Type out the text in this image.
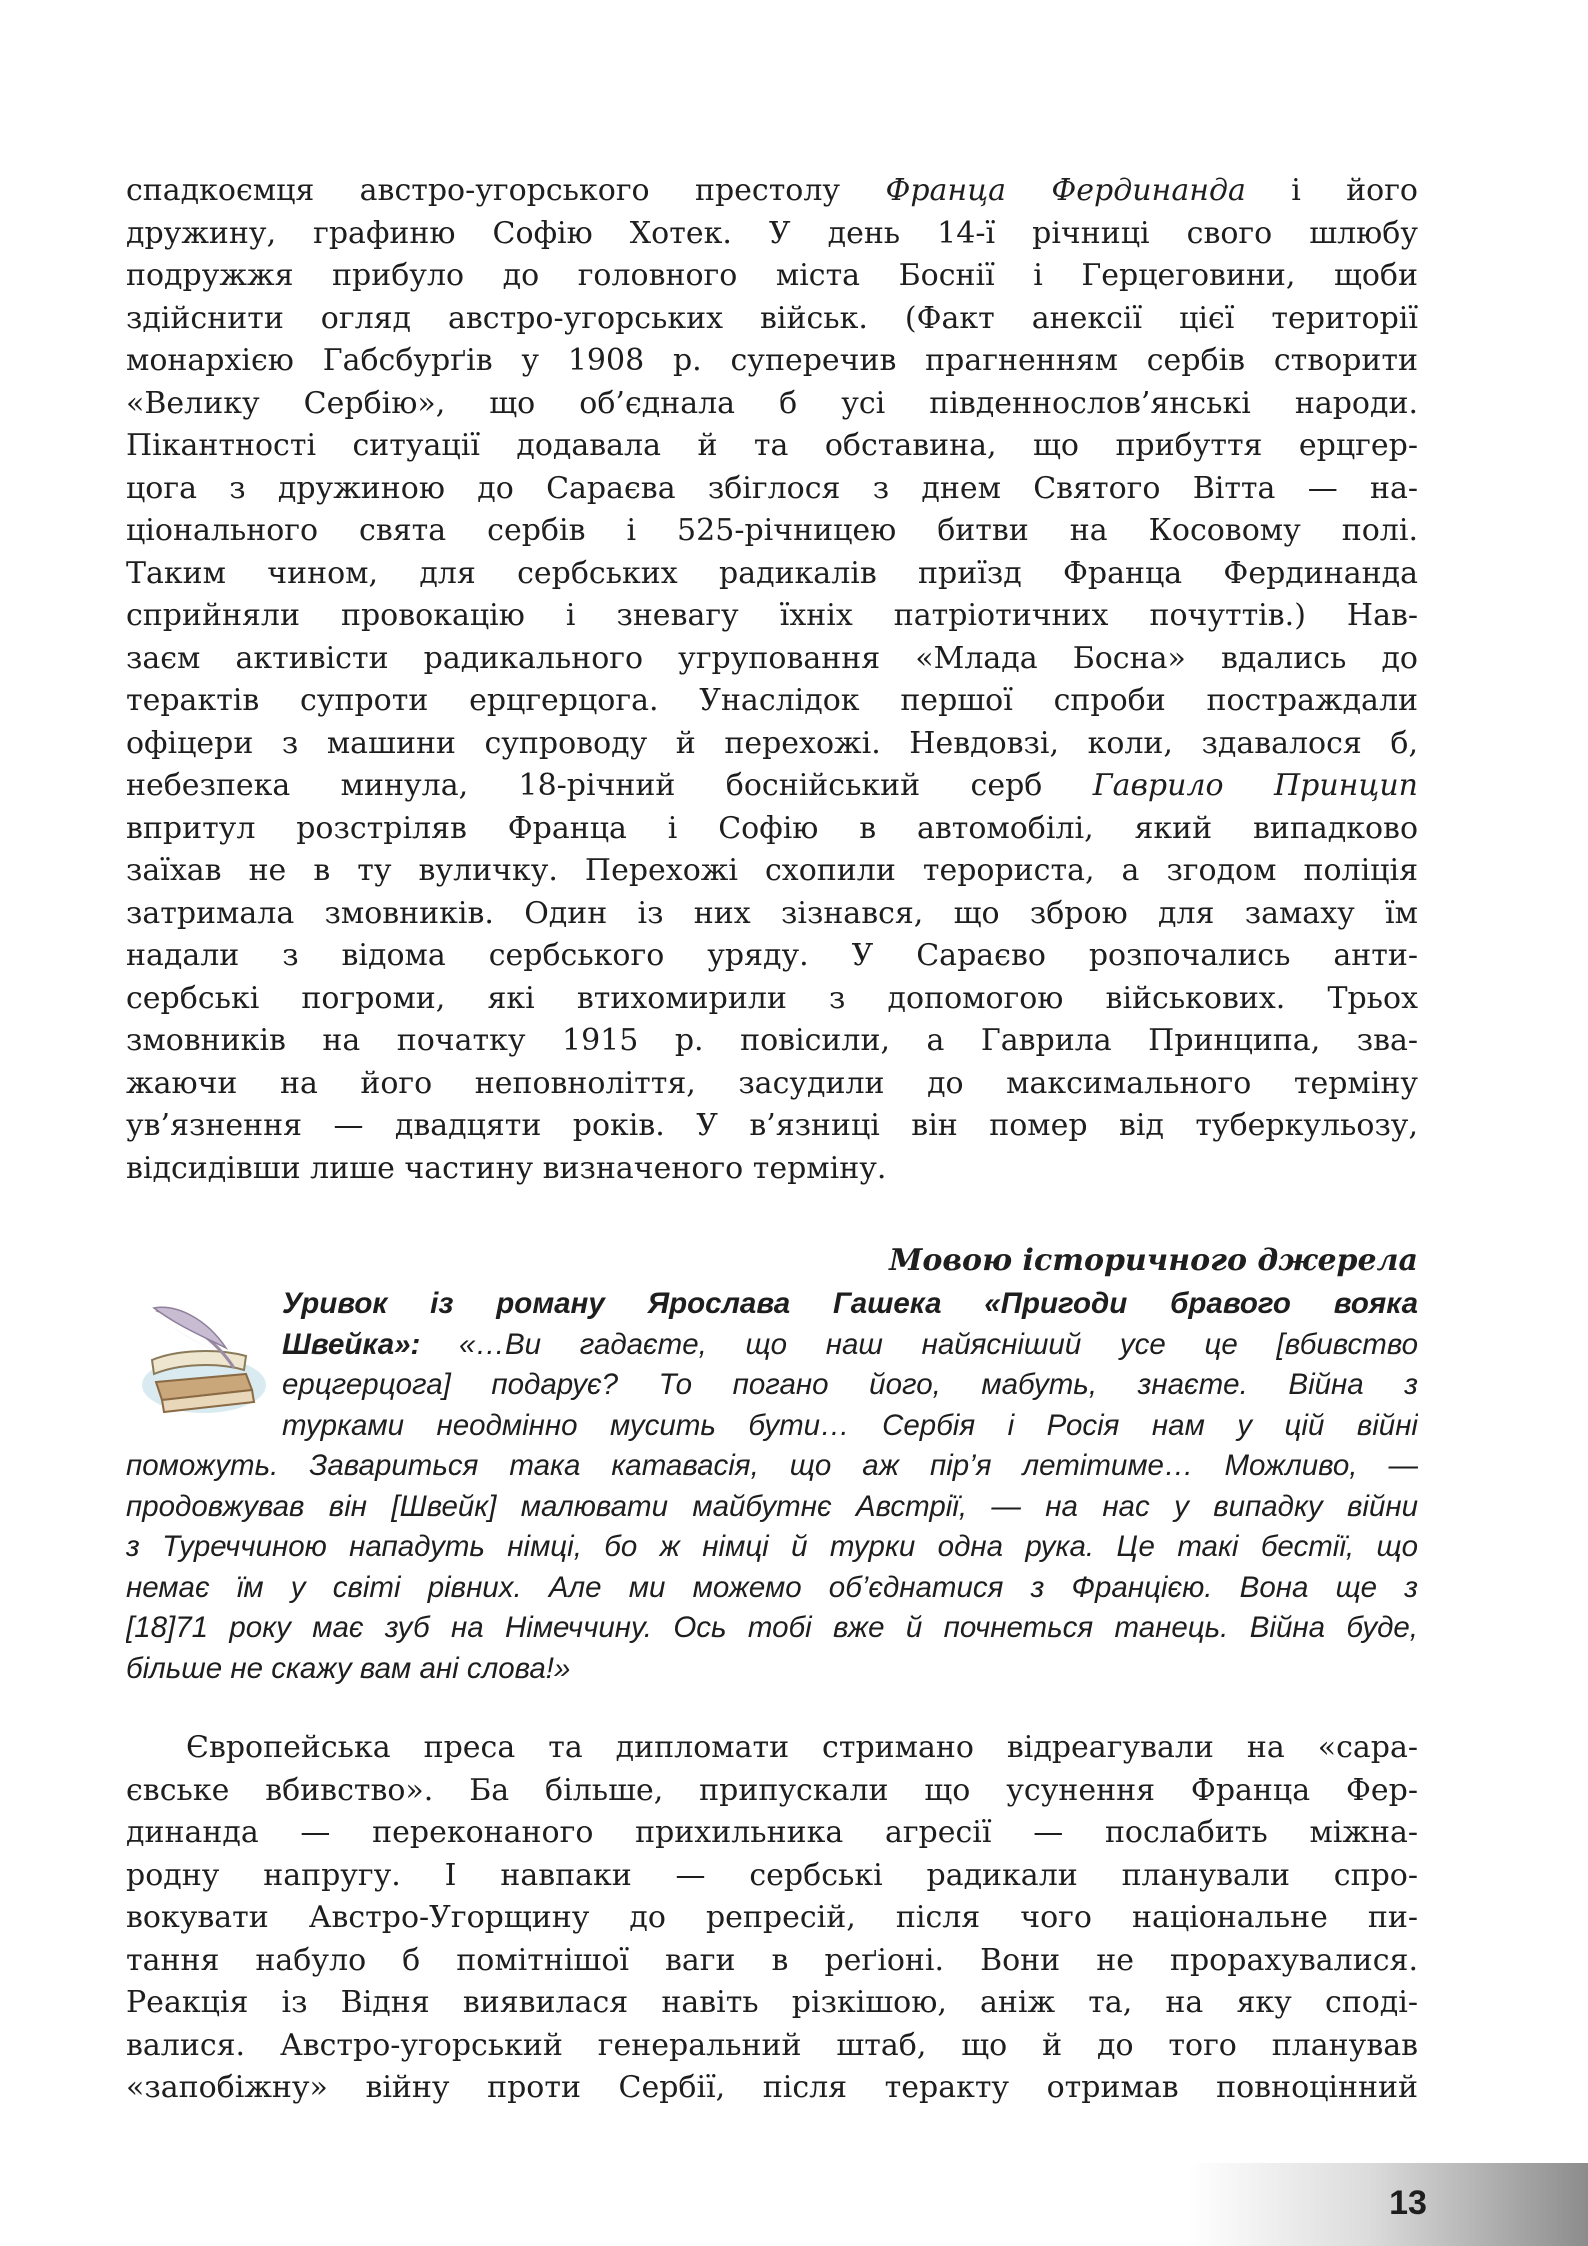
спадкоємця австро-угорського престолу Франца Фердинанда і його
дружину, графиню Софію Хотек. У день 14-ї річниці свого шлюбу
подружжя прибуло до головного міста Боснії і Герцеговини, щоби
здійснити огляд австро-угорських військ. (Факт анексії цієї території
монархією Габсбурґів у 1908 р. суперечив прагненням сербів створити
«Велику Сербію», що об’єднала б усі південнослов’янські народи.
Пікантності ситуації додавала й та обставина, що прибуття ерцгер-
цога з дружиною до Сараєва збіглося з днем Святого Вітта — на-
ціонального свята сербів і 525-річницею битви на Косовому полі.
Таким чином, для сербських радикалів приїзд Франца Фердинанда
сприйняли провокацію і зневагу їхніх патріотичних почуттів.) Нав-
заєм активісти радикального угруповання «Млада Босна» вдались до
терактів супроти ерцгерцога. Унаслідок першої спроби постраждали
офіцери з машини супроводу й перехожі. Невдовзі, коли, здавалося б,
небезпека минула, 18-річний боснійський серб Гаврило Принцип
впритул розстріляв Франца і Софію в автомобілі, який випадково
заїхав не в ту вуличку. Перехожі схопили терориста, а згодом поліція
затримала змовників. Один із них зізнався, що зброю для замаху їм
надали з відома сербського уряду. У Сараєво розпочались анти-
сербські погроми, які втихомирили з допомогою військових. Трьох
змовників на початку 1915 р. повісили, а Гаврила Принципа, зва-
жаючи на його неповноліття, засудили до максимального терміну
ув’язнення — двадцяти років. У в’язниці він помер від туберкульозу,
відсидівши лише частину визначеного терміну.
Мовою історичного джерела
Уривок із роману Ярослава Гашека «Пригоди бравого вояка
Швейка»: «…Ви гадаєте, що наш найясніший усе це [вбивство
ерцгерцога] подарує? То погано його, мабуть, знаєте. Війна з
турками неодмінно мусить бути… Сербія і Росія нам у цій війні
поможуть. Завариться така катавасія, що аж пір’я летітиме… Можливо, —
продовжував він [Швейк] малювати майбутнє Австрії, — на нас у випадку війни
з Туреччиною нападуть німці, бо ж німці й турки одна рука. Це такі бестії, що
немає їм у світі рівних. Але ми можемо об’єднатися з Францією. Вона ще з
[18]71 року має зуб на Німеччину. Ось тобі вже й почнеться танець. Війна буде,
більше не скажу вам ані слова!»
Європейська преса та дипломати стримано відреагували на «сара-
євське вбивство». Ба більше, припускали що усунення Франца Фер-
динанда — переконаного прихильника агресії — послабить міжна-
родну напругу. І навпаки — сербські радикали планували спро-
вокувати Австро-Угорщину до репресій, після чого національне пи-
тання набуло б помітнішої ваги в реґіоні. Вони не прорахувалися.
Реакція із Відня виявилася навіть різкішою, аніж та, на яку споді-
валися. Австро-угорський генеральний штаб, що й до того планував
«запобіжну» війну проти Сербії, після теракту отримав повноцінний
13
